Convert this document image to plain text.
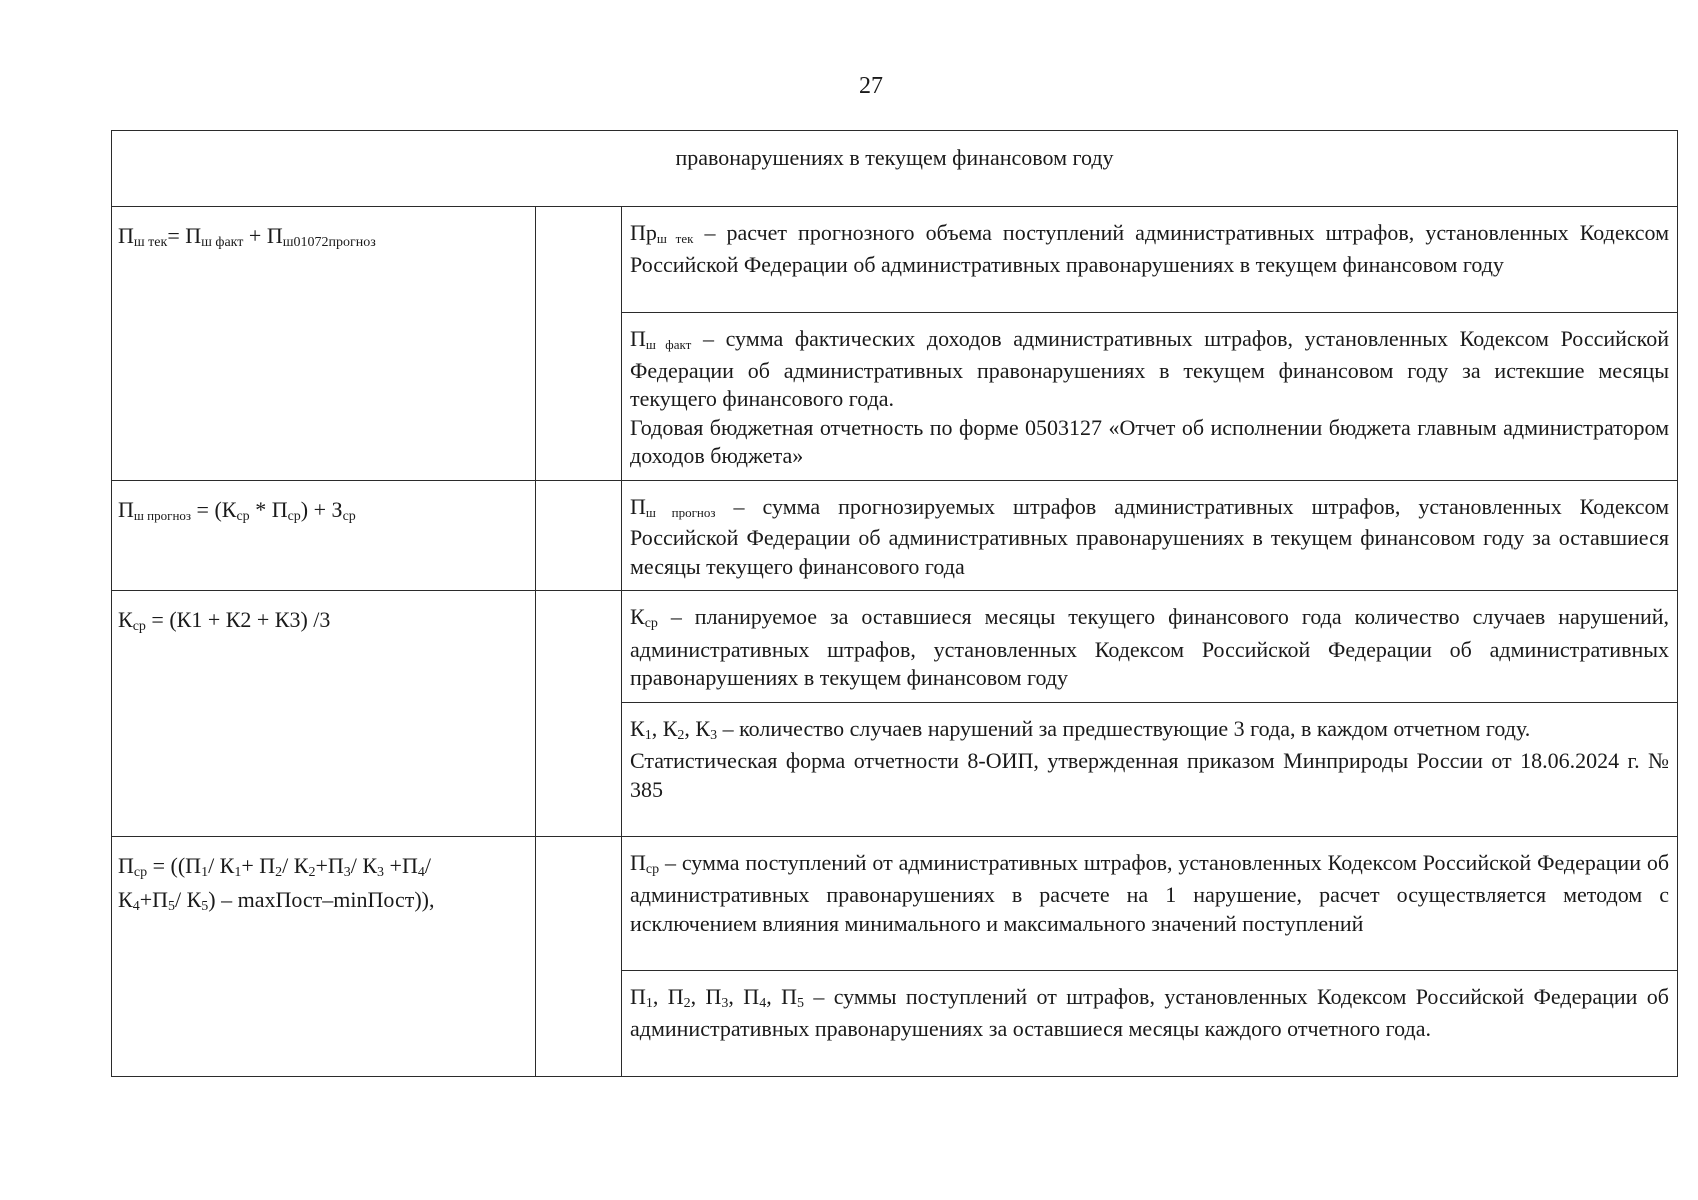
27
правонарушениях в текущем финансовом году		
$П_{ш тек}= П_{ш факт} + П_{ш01072прогноз}$		$Пр_{ш тек}$ – расчет прогнозного объема поступлений административных штрафов, установленных Кодексом Российской Федерации об административных правонарушениях в текущем финансовом году
		$П_{ш факт}$ – сумма фактических доходов административных штрафов, установленных Кодексом Российской Федерации об административных правонарушениях в текущем финансовом году за истекшие месяцы текущего финансового года.
Годовая бюджетная отчетность по форме 0503127 «Отчет об исполнении бюджета главным администратором доходов бюджета»

$П_{ш прогноз} = (К_{ср} * П_{ср}) + З_{ср}$		$П_{ш прогноз}$ – сумма прогнозируемых штрафов административных штрафов, установленных Кодексом Российской Федерации об административных правонарушениях в текущем финансовом году за оставшиеся месяцы текущего финансового года
$К_{ср} = (К1 + К2 + К3)$ /3		$К_{ср}$ – планируемое за оставшиеся месяцы текущего финансового года количество случаев нарушений, административных штрафов, установленных Кодексом Российской Федерации об административных правонарушениях в текущем финансовом году
		$К_1$, $К_2$, $К_3$ – количество случаев нарушений за предшествующие 3 года, в каждом отчетном году.
Статистическая форма отчетности 8-ОИП, утвержденная приказом Минприроды России от 18.06.2024 г. № 385

$П_{ср} = ((П_1/$ $К_1+ П_2/$ $К_2+П_3/$ $К_3 +П_4/$
$К_4+П_5/$ $К_5$) – maxПост–minПост)),		$П_{ср}$ – сумма поступлений от административных штрафов, установленных Кодексом Российской Федерации об административных правонарушениях в расчете на 1 нарушение, расчет осуществляется методом с исключением влияния минимального и максимального значений поступлений
		$П_1$, $П_2$, $П_3$, $П_4$, $П_5$ – суммы поступлений от штрафов, установленных Кодексом Российской Федерации об административных правонарушениях за оставшиеся месяцы каждого отчетного года.
